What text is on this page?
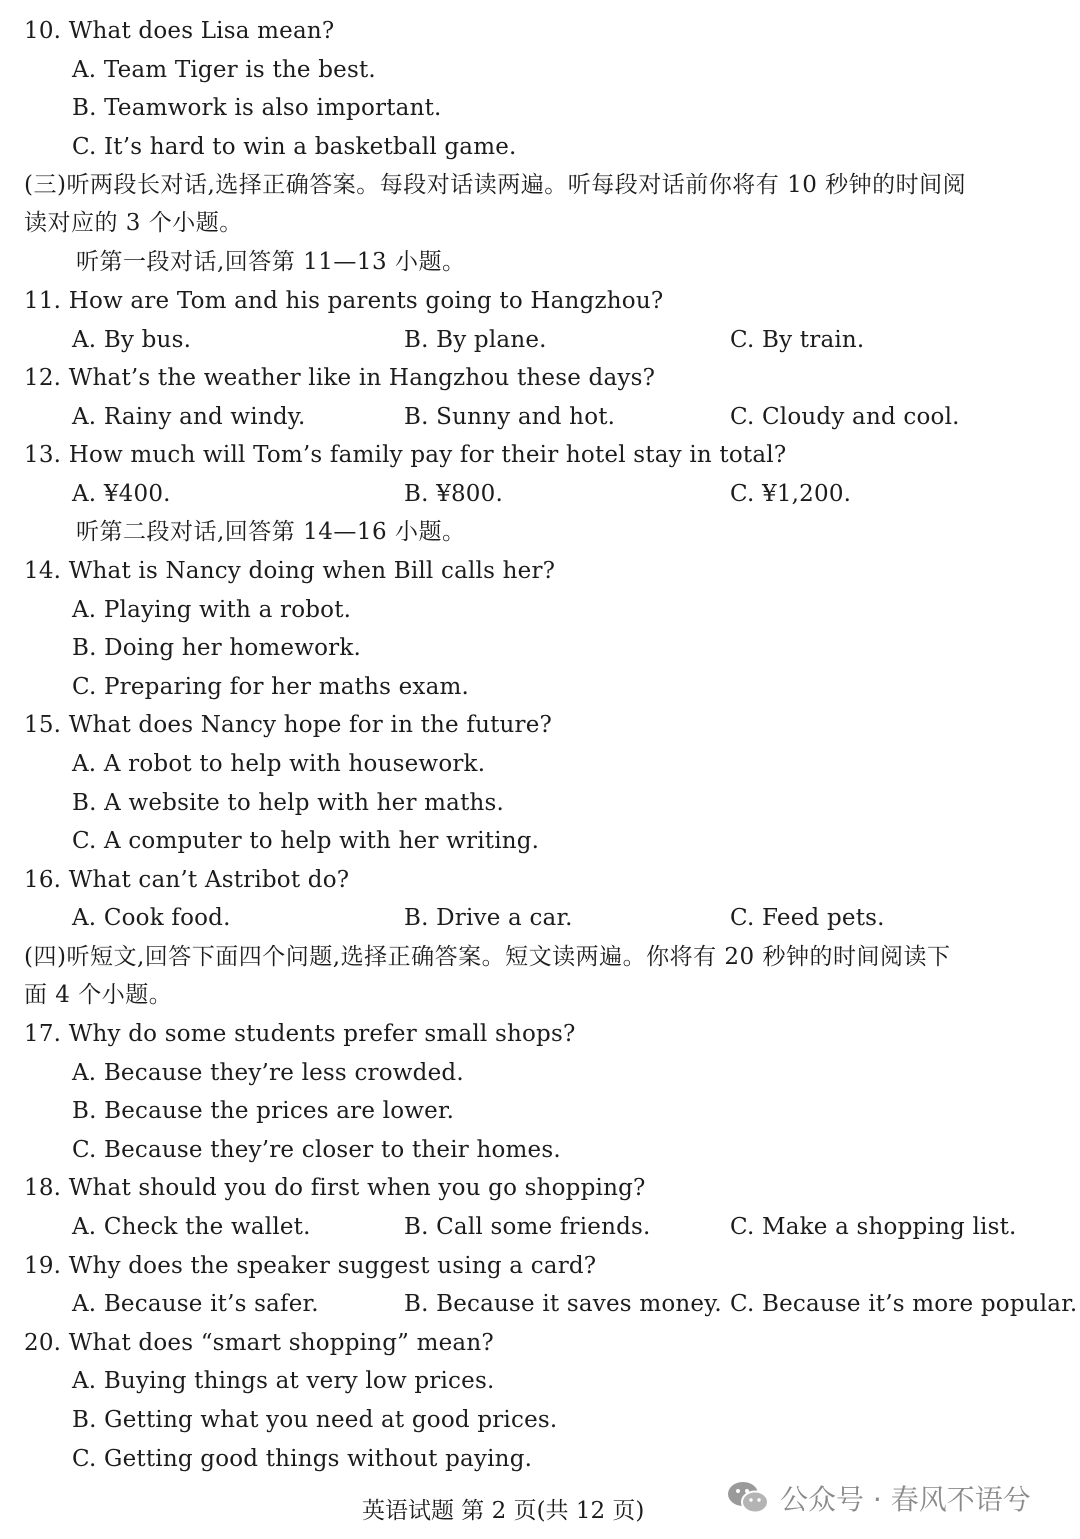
10. What does Lisa mean?
A. Team Tiger is the best.
B. Teamwork is also important.
C. It’s hard to win a basketball game.
(三)听两段长对话,选择正确答案。每段对话读两遍。听每段对话前你将有 10 秒钟的时间阅
读对应的 3 个小题。
听第一段对话,回答第 11—13 小题。
11. How are Tom and his parents going to Hangzhou?
A. By bus.	B. By plane.	C. By train.
12. What’s the weather like in Hangzhou these days?
A. Rainy and windy.	B. Sunny and hot.	C. Cloudy and cool.
13. How much will Tom’s family pay for their hotel stay in total?
A. ¥400.	B. ¥800.	C. ¥1,200.
听第二段对话,回答第 14—16 小题。
14. What is Nancy doing when Bill calls her?
A. Playing with a robot.
B. Doing her homework.
C. Preparing for her maths exam.
15. What does Nancy hope for in the future?
A. A robot to help with housework.
B. A website to help with her maths.
C. A computer to help with her writing.
16. What can’t Astribot do?
A. Cook food.	B. Drive a car.	C. Feed pets.
(四)听短文,回答下面四个问题,选择正确答案。短文读两遍。你将有 20 秒钟的时间阅读下
面 4 个小题。
17. Why do some students prefer small shops?
A. Because they’re less crowded.
B. Because the prices are lower.
C. Because they’re closer to their homes.
18. What should you do first when you go shopping?
A. Check the wallet.	B. Call some friends.	C. Make a shopping list.
19. Why does the speaker suggest using a card?
A. Because it’s safer.	B. Because it saves money. C. Because it’s more popular.
20. What does “smart shopping” mean?
A. Buying things at very low prices.
B. Getting what you need at good prices.
C. Getting good things without paying.
英语试题 第 2 页(共 12 页)	公众号 · 春风不语兮
